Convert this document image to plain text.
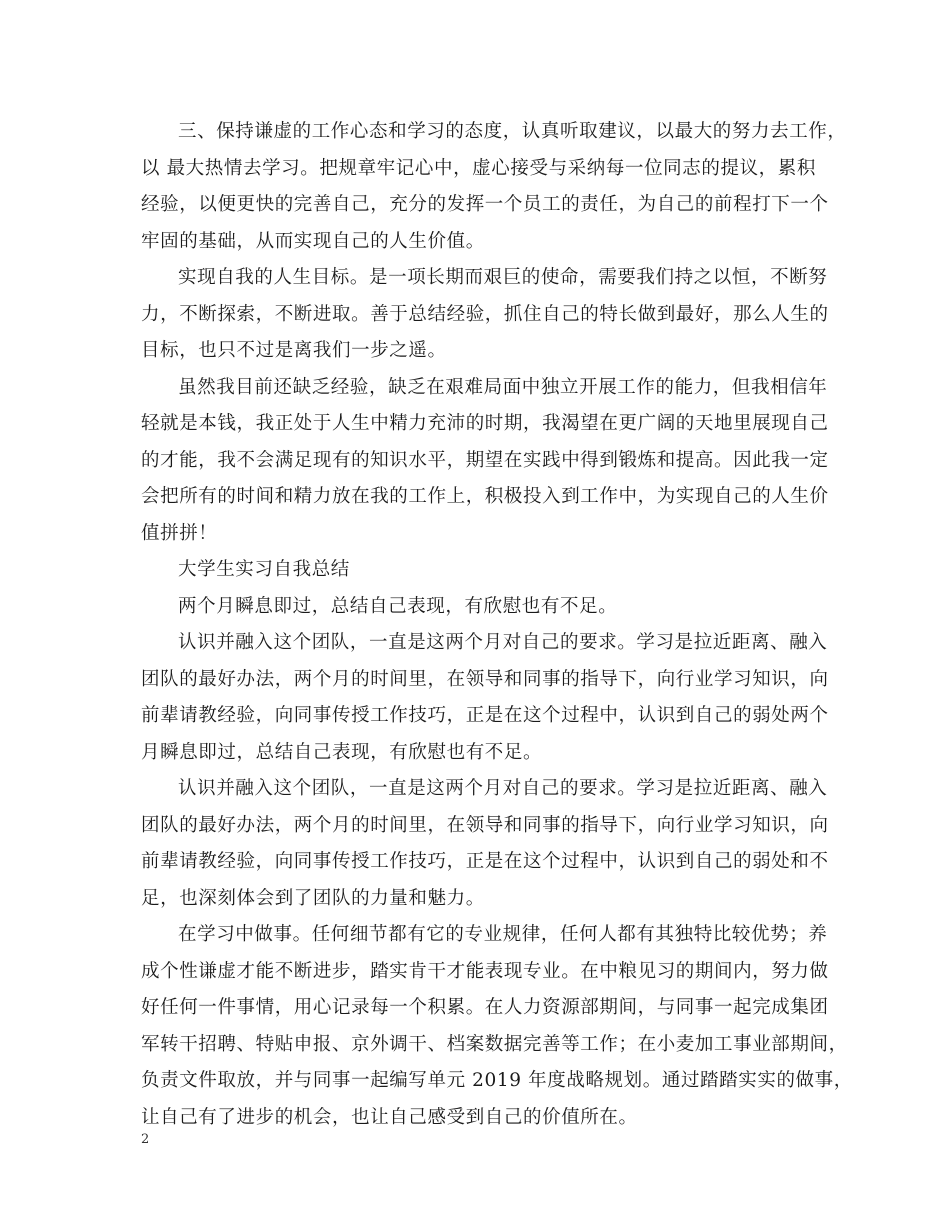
三、保持谦虚的工作心态和学习的态度，认真听取建议，以最大的努力去工作，
以 最大热情去学习。把规章牢记心中，虚心接受与采纳每一位同志的提议，累积
经验，以便更快的完善自己，充分的发挥一个员工的责任，为自己的前程打下一个
牢固的基础，从而实现自己的人生价值。
实现自我的人生目标。是一项长期而艰巨的使命，需要我们持之以恒，不断努
力，不断探索，不断进取。善于总结经验，抓住自己的特长做到最好，那么人生的
目标，也只不过是离我们一步之遥。
虽然我目前还缺乏经验，缺乏在艰难局面中独立开展工作的能力，但我相信年
轻就是本钱，我正处于人生中精力充沛的时期，我渴望在更广阔的天地里展现自己
的才能，我不会满足现有的知识水平，期望在实践中得到锻炼和提高。因此我一定
会把所有的时间和精力放在我的工作上，积极投入到工作中，为实现自己的人生价
值拼拼！
大学生实习自我总结
两个月瞬息即过，总结自己表现，有欣慰也有不足。
认识并融入这个团队，一直是这两个月对自己的要求。学习是拉近距离、融入
团队的最好办法，两个月的时间里，在领导和同事的指导下，向行业学习知识，向
前辈请教经验，向同事传授工作技巧，正是在这个过程中，认识到自己的弱处两个
月瞬息即过，总结自己表现，有欣慰也有不足。
认识并融入这个团队，一直是这两个月对自己的要求。学习是拉近距离、融入
团队的最好办法，两个月的时间里，在领导和同事的指导下，向行业学习知识，向
前辈请教经验，向同事传授工作技巧，正是在这个过程中，认识到自己的弱处和不
足，也深刻体会到了团队的力量和魅力。
在学习中做事。任何细节都有它的专业规律，任何人都有其独特比较优势；养
成个性谦虚才能不断进步，踏实肯干才能表现专业。在中粮见习的期间内，努力做
好任何一件事情，用心记录每一个积累。在人力资源部期间，与同事一起完成集团
军转干招聘、特贴申报、京外调干、档案数据完善等工作；在小麦加工事业部期间，
负责文件取放，并与同事一起编写单元 2019 年度战略规划。通过踏踏实实的做事，
让自己有了进步的机会，也让自己感受到自己的价值所在。
2
